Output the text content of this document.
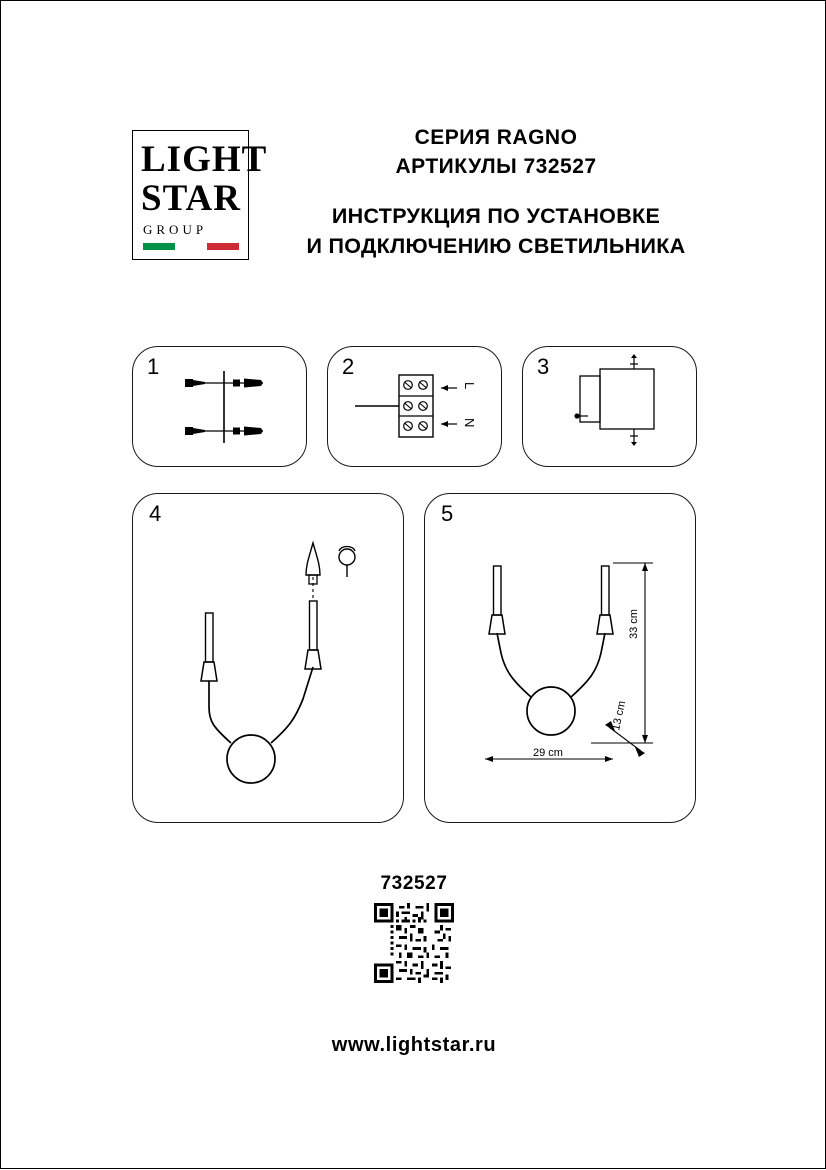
LIGHT
STAR
GROUP
СЕРИЯ RAGNO
АРТИКУЛЫ 732527
ИНСТРУКЦИЯ ПО УСТАНОВКЕ
И ПОДКЛЮЧЕНИЮ СВЕТИЛЬНИКА
1	2
L
N
3
4	5
33 cm
29 cm
13 cm
732527
www.lightstar.ru
